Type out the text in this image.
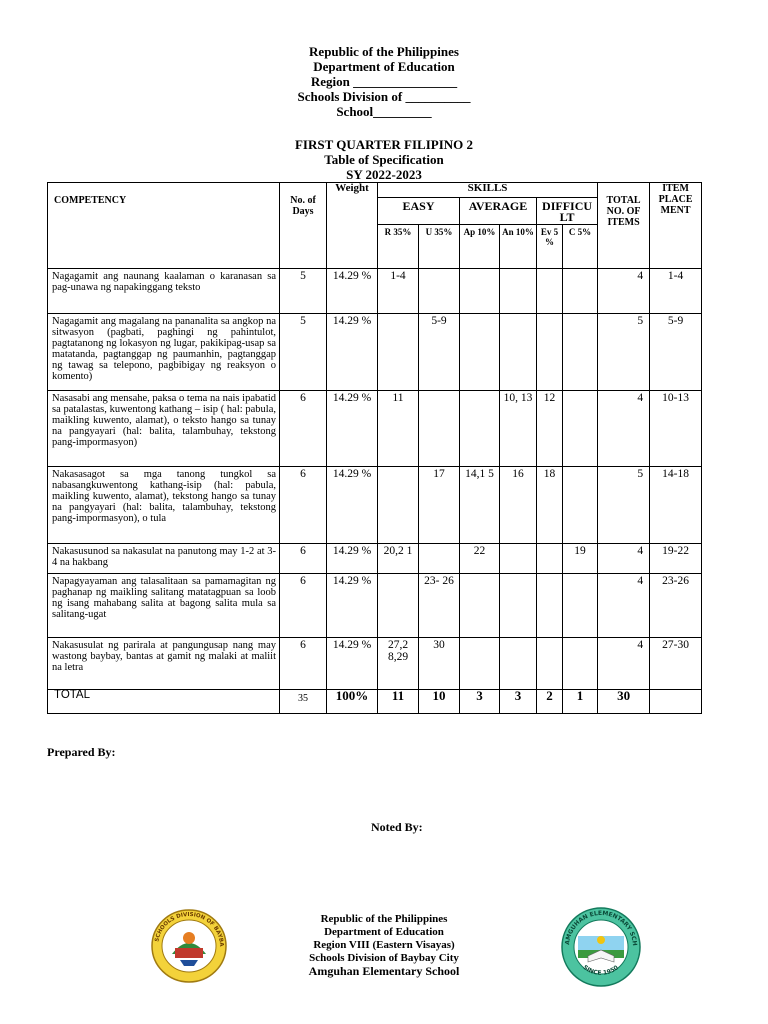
Republic of the Philippines
Department of Education
Region ________________
Schools Division of __________
School_________
FIRST QUARTER FILIPINO 2
Table of Specification
SY 2022-2023
COMPETENCY	No. of Days	Weight	SKILLS						TOTAL NO. OF ITEMS	ITEM PLACE MENT
			EASY		AVERAGE		DIFFICU LT			
			R 35%	U 35%	Ap 10%	An 10%	Ev 5 %	C 5%		
Nagagamit ang naunang kaalaman o karanasan sa pag-unawa ng napakinggang teksto	5	14.29 %	1-4						4	1-4
Nagagamit ang magalang na pananalita sa angkop na sitwasyon (pagbati, paghingi ng pahintulot, pagtatanong ng lokasyon ng lugar, pakikipag-usap sa matatanda, pagtanggap ng paumanhin, pagtanggap ng tawag sa telepono, pagbibigay ng reaksyon o komento)	5	14.29 %		5-9					5	5-9
Nasasabi ang mensahe, paksa o tema na nais ipabatid sa patalastas, kuwentong kathang – isip ( hal: pabula, maikling kuwento, alamat), o teksto hango sa tunay na pangyayari (hal: balita, talambuhay, tekstong pang-impormasyon)	6	14.29 %	11			10, 13	12		4	10-13
Nakasasagot sa mga tanong tungkol sa nabasangkuwentong kathang-isip (hal: pabula, maikling kuwento, alamat), tekstong hango sa tunay na pangyayari (hal: balita, talambuhay, tekstong pang-impormasyon), o tula	6	14.29 %		17	14,1 5	16	18		5	14-18
Nakasusunod sa nakasulat na panutong may 1-2 at 3-4 na hakbang	6	14.29 %	20,2 1		22			19	4	19-22
Napagyayaman ang talasalitaan sa pamamagitan ng paghanap ng maikling salitang matatagpuan sa loob ng isang mahabang salita at bagong salita mula sa salitang-ugat	6	14.29 %		23- 26					4	23-26
Nakasusulat ng parirala at pangungusap nang may wastong baybay, bantas at gamit ng malaki at maliit na letra	6	14.29 %	27,2 8,29	30					4	27-30
TOTAL	35	100%	11	10	3	3	2	1	30	
Prepared By:
Noted By:
SCHOOLS DIVISION OF BAYBA
Republic of the Philippines
Department of Education
Region VIII (Eastern Visayas)
Schools Division of Baybay City
Amguhan Elementary School
AMGUHAN ELEMENTARY SCH
SINCE 1950
